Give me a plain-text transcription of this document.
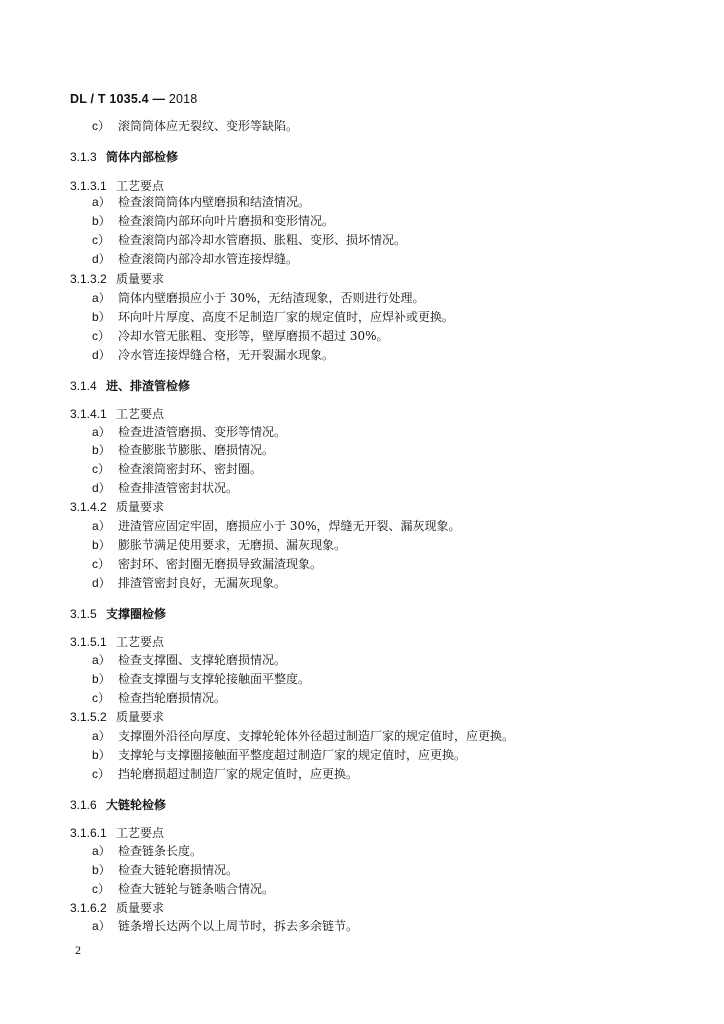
DL / T 1035.4 — 2018
c） 滚筒筒体应无裂纹、变形等缺陷。
3.1.3 筒体内部检修
3.1.3.1 工艺要点
a） 检查滚筒筒体内壁磨损和结渣情况。
b） 检查滚筒内部环向叶片磨损和变形情况。
c） 检查滚筒内部冷却水管磨损、胀粗、变形、损坏情况。
d） 检查滚筒内部冷却水管连接焊缝。
3.1.3.2 质量要求
a） 筒体内壁磨损应小于 30%，无结渣现象，否则进行处理。
b） 环向叶片厚度、高度不足制造厂家的规定值时，应焊补或更换。
c） 冷却水管无胀粗、变形等，壁厚磨损不超过 30%。
d） 冷水管连接焊缝合格，无开裂漏水现象。
3.1.4 进、排渣管检修
3.1.4.1 工艺要点
a） 检查进渣管磨损、变形等情况。
b） 检查膨胀节膨胀、磨损情况。
c） 检查滚筒密封环、密封圈。
d） 检查排渣管密封状况。
3.1.4.2 质量要求
a） 进渣管应固定牢固，磨损应小于 30%，焊缝无开裂、漏灰现象。
b） 膨胀节满足使用要求，无磨损、漏灰现象。
c） 密封环、密封圈无磨损导致漏渣现象。
d） 排渣管密封良好，无漏灰现象。
3.1.5 支撑圈检修
3.1.5.1 工艺要点
a） 检查支撑圈、支撑轮磨损情况。
b） 检查支撑圈与支撑轮接触面平整度。
c） 检查挡轮磨损情况。
3.1.5.2 质量要求
a） 支撑圈外沿径向厚度、支撑轮轮体外径超过制造厂家的规定值时，应更换。
b） 支撑轮与支撑圈接触面平整度超过制造厂家的规定值时，应更换。
c） 挡轮磨损超过制造厂家的规定值时，应更换。
3.1.6 大链轮检修
3.1.6.1 工艺要点
a） 检查链条长度。
b） 检查大链轮磨损情况。
c） 检查大链轮与链条啮合情况。
3.1.6.2 质量要求
a） 链条增长达两个以上周节时，拆去多余链节。
2
